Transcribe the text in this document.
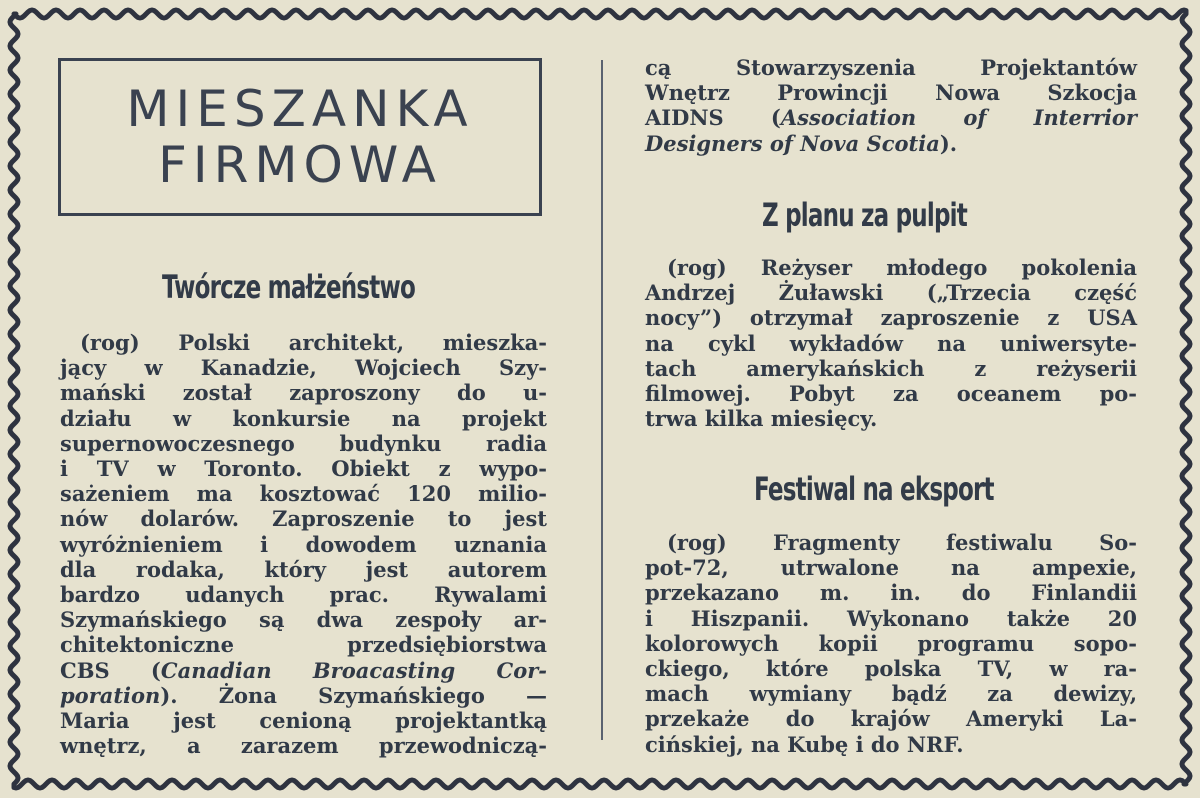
MIESZANKA
FIRMOWA
Twórcze małżeństwo
(rog) Polski architekt, mieszka-
jący w Kanadzie, Wojciech Szy-
mański został zaproszony do u-
działu w konkursie na projekt
supernowoczesnego budynku radia
i TV w Toronto. Obiekt z wypo-
sażeniem ma kosztować 120 milio-
nów dolarów. Zaproszenie to jest
wyróżnieniem i dowodem uznania
dla rodaka, który jest autorem
bardzo udanych prac. Rywalami
Szymańskiego są dwa zespoły ar-
chitektoniczne przedsiębiorstwa
CBS (Canadian Broacasting Cor-
poration). Żona Szymańskiego —
Maria jest cenioną projektantką
wnętrz, a zarazem przewodniczą-
cą Stowarzyszenia Projektantów
Wnętrz Prowincji Nowa Szkocja
AIDNS (Association of Interrior
Designers of Nova Scotia).
Z planu za pulpit
(rog) Reżyser młodego pokolenia
Andrzej Żuławski („Trzecia część
nocy”) otrzymał zaproszenie z USA
na cykl wykładów na uniwersyte-
tach amerykańskich z reżyserii
filmowej. Pobyt za oceanem po-
trwa kilka miesięcy.
Festiwal na eksport
(rog) Fragmenty festiwalu So-
pot-72, utrwalone na ampexie,
przekazano m. in. do Finlandii
i Hiszpanii. Wykonano także 20
kolorowych kopii programu sopo-
ckiego, które polska TV, w ra-
mach wymiany bądź za dewizy,
przekaże do krajów Ameryki La-
cińskiej, na Kubę i do NRF.
